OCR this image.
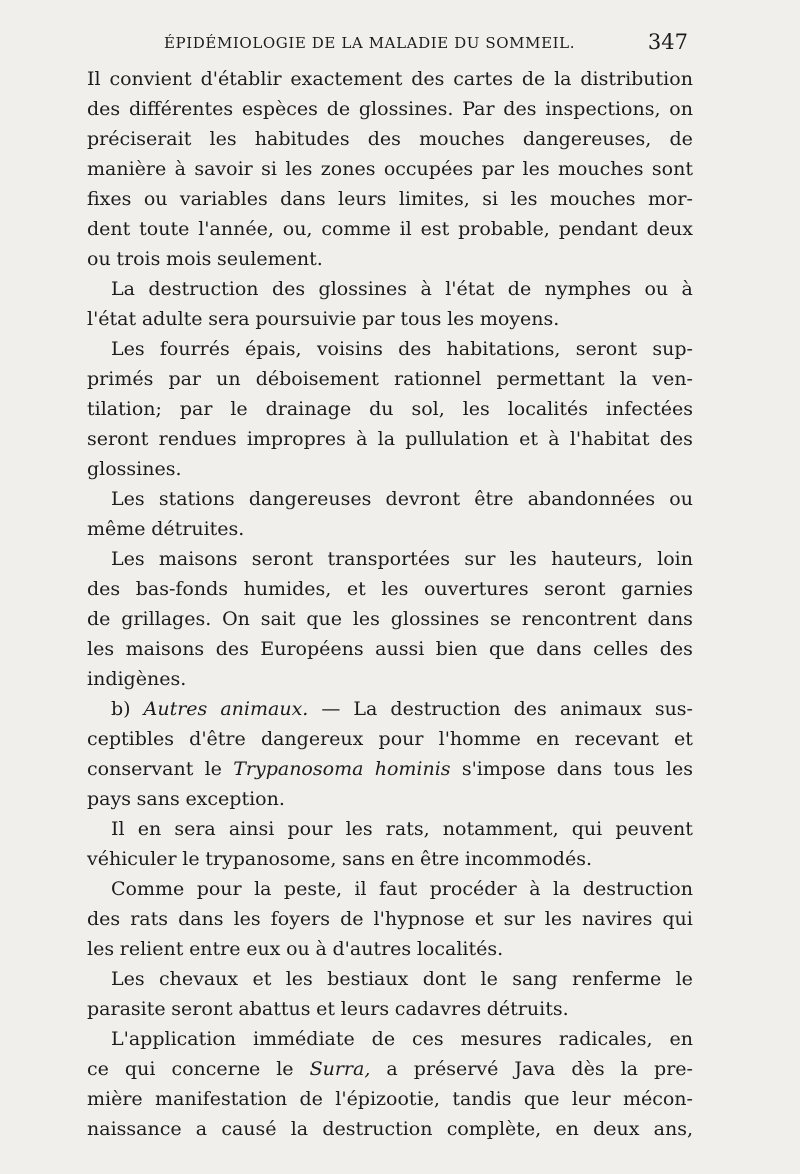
ÉPIDÉMIOLOGIE DE LA MALADIE DU SOMMEIL.	347
Il convient d'établir exactement des cartes de la distribution
des différentes espèces de glossines. Par des inspections, on
préciserait les habitudes des mouches dangereuses, de
manière à savoir si les zones occupées par les mouches sont
fixes ou variables dans leurs limites, si les mouches mor-
dent toute l'année, ou, comme il est probable, pendant deux
ou trois mois seulement.
La destruction des glossines à l'état de nymphes ou à
l'état adulte sera poursuivie par tous les moyens.
Les fourrés épais, voisins des habitations, seront sup-
primés par un déboisement rationnel permettant la ven-
tilation; par le drainage du sol, les localités infectées
seront rendues impropres à la pullulation et à l'habitat des
glossines.
Les stations dangereuses devront être abandonnées ou
même détruites.
Les maisons seront transportées sur les hauteurs, loin
des bas-fonds humides, et les ouvertures seront garnies
de grillages. On sait que les glossines se rencontrent dans
les maisons des Européens aussi bien que dans celles des
indigènes.
b) Autres animaux. — La destruction des animaux sus-
ceptibles d'être dangereux pour l'homme en recevant et
conservant le Trypanosoma hominis s'impose dans tous les
pays sans exception.
Il en sera ainsi pour les rats, notamment, qui peuvent
véhiculer le trypanosome, sans en être incommodés.
Comme pour la peste, il faut procéder à la destruction
des rats dans les foyers de l'hypnose et sur les navires qui
les relient entre eux ou à d'autres localités.
Les chevaux et les bestiaux dont le sang renferme le
parasite seront abattus et leurs cadavres détruits.
L'application immédiate de ces mesures radicales, en
ce qui concerne le Surra, a préservé Java dès la pre-
mière manifestation de l'épizootie, tandis que leur mécon-
naissance a causé la destruction complète, en deux ans,
